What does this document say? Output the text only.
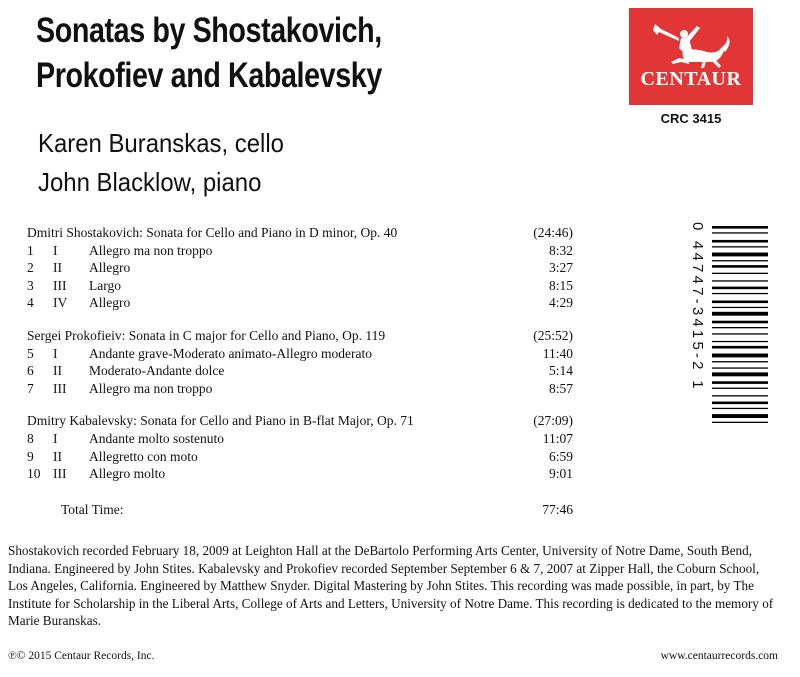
Sonatas by Shostakovich,
Prokofiev and Kabalevsky
Karen Buranskas, cello
John Blacklow, piano
CENTAUR
CRC 3415
Dmitri Shostakovich: Sonata for Cello and Piano in D minor, Op. 40	(24:46)
1 I Allegro ma non troppo	8:32
2 II Allegro	3:27
3 III Largo	8:15
4 IV Allegro	4:29
Sergei Prokofieiv: Sonata in C major for Cello and Piano, Op. 119	(25:52)
5 I Andante grave-Moderato animato-Allegro moderato	11:40
6 II Moderato-Andante dolce	5:14
7 III Allegro ma non troppo	8:57
Dmitry Kabalevsky: Sonata for Cello and Piano in B-flat Major, Op. 71	(27:09)
8 I Andante molto sostenuto	11:07
9 II Allegretto con moto	6:59
10 III Allegro molto	9:01
Total Time:	77:46
0 44747-3415-2 1
Shostakovich recorded February 18, 2009 at Leighton Hall at the DeBartolo Performing Arts Center, University of Notre Dame, South Bend, Indiana. Engineered by John Stites. Kabalevsky and Prokofiev recorded September September 6 & 7, 2007 at Zipper Hall, the Coburn School, Los Angeles, California. Engineered by Matthew Snyder. Digital Mastering by John Stites. This recording was made possible, in part, by The Institute for Scholarship in the Liberal Arts, College of Arts and Letters, University of Notre Dame. This recording is dedicated to the memory of Marie Buranskas.
℗© 2015 Centaur Records, Inc.	www.centaurrecords.com
